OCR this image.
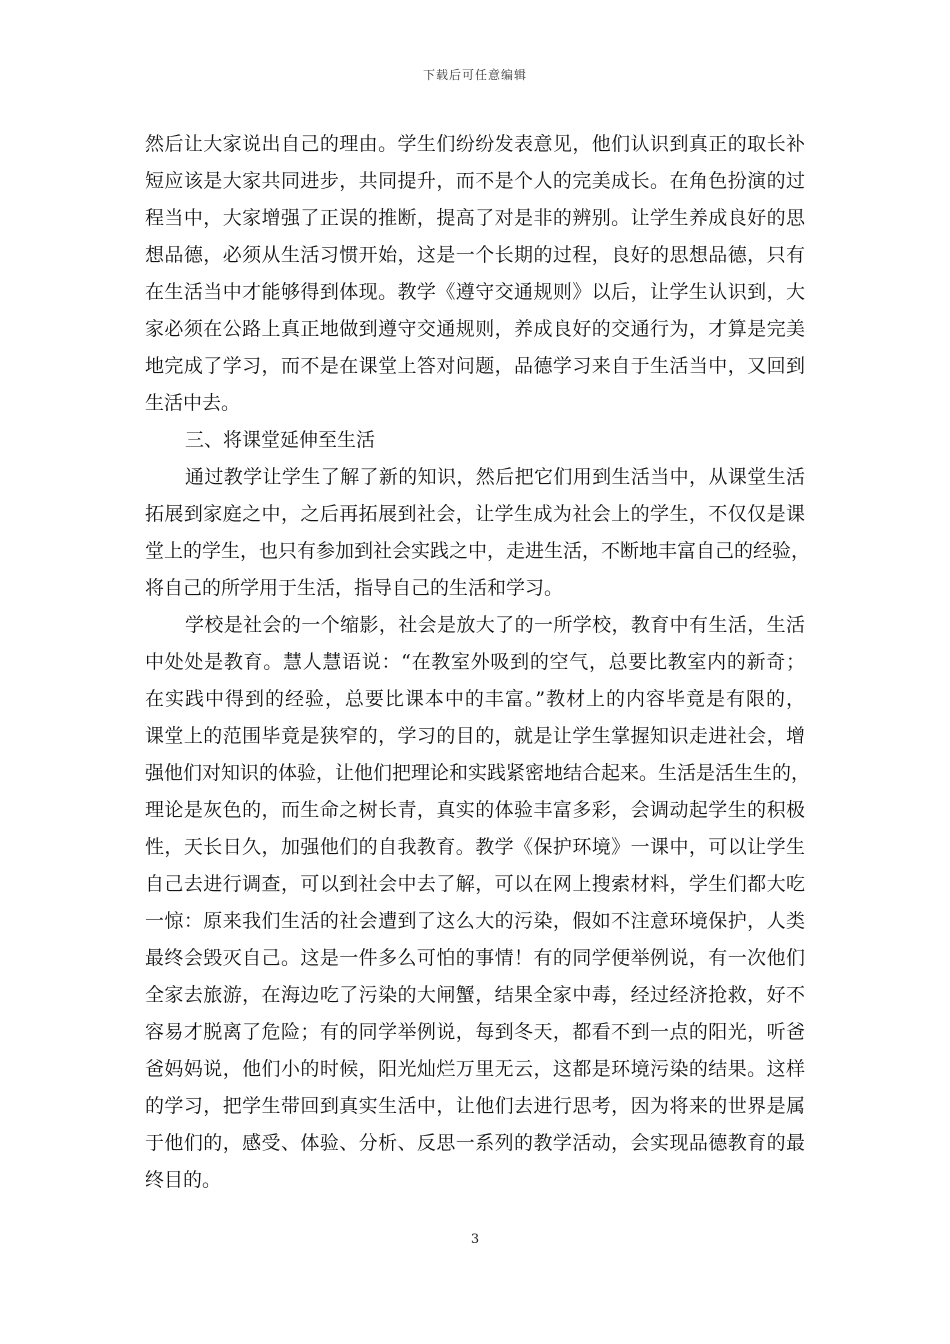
下载后可任意编辑
然后让大家说出自己的理由。学生们纷纷发表意见，他们认识到真正的取长补
短应该是大家共同进步，共同提升，而不是个人的完美成长。在角色扮演的过
程当中，大家增强了正误的推断，提高了对是非的辨别。让学生养成良好的思
想品德，必须从生活习惯开始，这是一个长期的过程，良好的思想品德，只有
在生活当中才能够得到体现。教学《遵守交通规则》以后，让学生认识到，大
家必须在公路上真正地做到遵守交通规则，养成良好的交通行为，才算是完美
地完成了学习，而不是在课堂上答对问题，品德学习来自于生活当中，又回到
生活中去。
三、将课堂延伸至生活
通过教学让学生了解了新的知识，然后把它们用到生活当中，从课堂生活
拓展到家庭之中，之后再拓展到社会，让学生成为社会上的学生，不仅仅是课
堂上的学生，也只有参加到社会实践之中，走进生活，不断地丰富自己的经验，
将自己的所学用于生活，指导自己的生活和学习。
学校是社会的一个缩影，社会是放大了的一所学校，教育中有生活，生活
中处处是教育。慧人慧语说：“在教室外吸到的空气，总要比教室内的新奇；
在实践中得到的经验，总要比课本中的丰富。”教材上的内容毕竟是有限的，
课堂上的范围毕竟是狭窄的，学习的目的，就是让学生掌握知识走进社会，增
强他们对知识的体验，让他们把理论和实践紧密地结合起来。生活是活生生的，
理论是灰色的，而生命之树长青，真实的体验丰富多彩，会调动起学生的积极
性，天长日久，加强他们的自我教育。教学《保护环境》一课中，可以让学生
自己去进行调查，可以到社会中去了解，可以在网上搜索材料，学生们都大吃
一惊：原来我们生活的社会遭到了这么大的污染，假如不注意环境保护，人类
最终会毁灭自己。这是一件多么可怕的事情！有的同学便举例说，有一次他们
全家去旅游，在海边吃了污染的大闸蟹，结果全家中毒，经过经济抢救，好不
容易才脱离了危险；有的同学举例说，每到冬天，都看不到一点的阳光，听爸
爸妈妈说，他们小的时候，阳光灿烂万里无云，这都是环境污染的结果。这样
的学习，把学生带回到真实生活中，让他们去进行思考，因为将来的世界是属
于他们的，感受、体验、分析、反思一系列的教学活动，会实现品德教育的最
终目的。
3
